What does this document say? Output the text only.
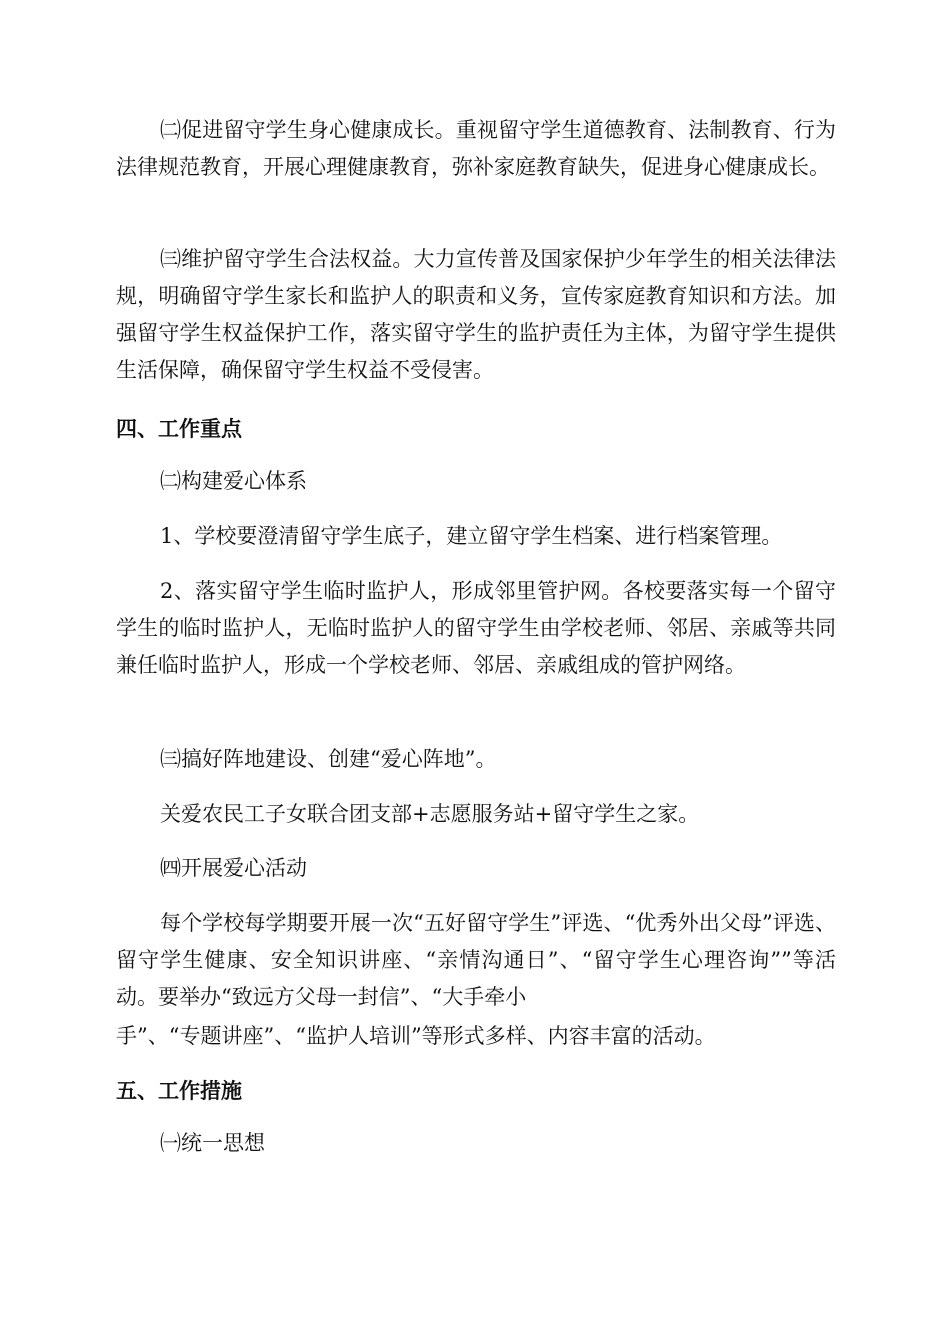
㈡促进留守学生身心健康成长。重视留守学生道德教育、法制教育、行为法律规范教育，开展心理健康教育，弥补家庭教育缺失，促进身心健康成长。

㈢维护留守学生合法权益。大力宣传普及国家保护少年学生的相关法律法规，明确留守学生家长和监护人的职责和义务，宣传家庭教育知识和方法。加强留守学生权益保护工作，落实留守学生的监护责任为主体，为留守学生提供生活保障，确保留守学生权益不受侵害。

四、工作重点

㈡构建爱心体系

1、学校要澄清留守学生底子，建立留守学生档案、进行档案管理。

2、落实留守学生临时监护人，形成邻里管护网。各校要落实每一个留守学生的临时监护人，无临时监护人的留守学生由学校老师、邻居、亲戚等共同兼任临时监护人，形成一个学校老师、邻居、亲戚组成的管护网络。

㈢搞好阵地建设、创建“爱心阵地”。

关爱农民工子女联合团支部+志愿服务站+留守学生之家。

㈣开展爱心活动

每个学校每学期要开展一次“五好留守学生”评选、“优秀外出父母”评选、留守学生健康、安全知识讲座、“亲情沟通日”、“留守学生心理咨询””等活动。要举办“致远方父母一封信”、“大手牵小

手”、“专题讲座”、“监护人培训”等形式多样、内容丰富的活动。

五、工作措施

㈠统一思想
